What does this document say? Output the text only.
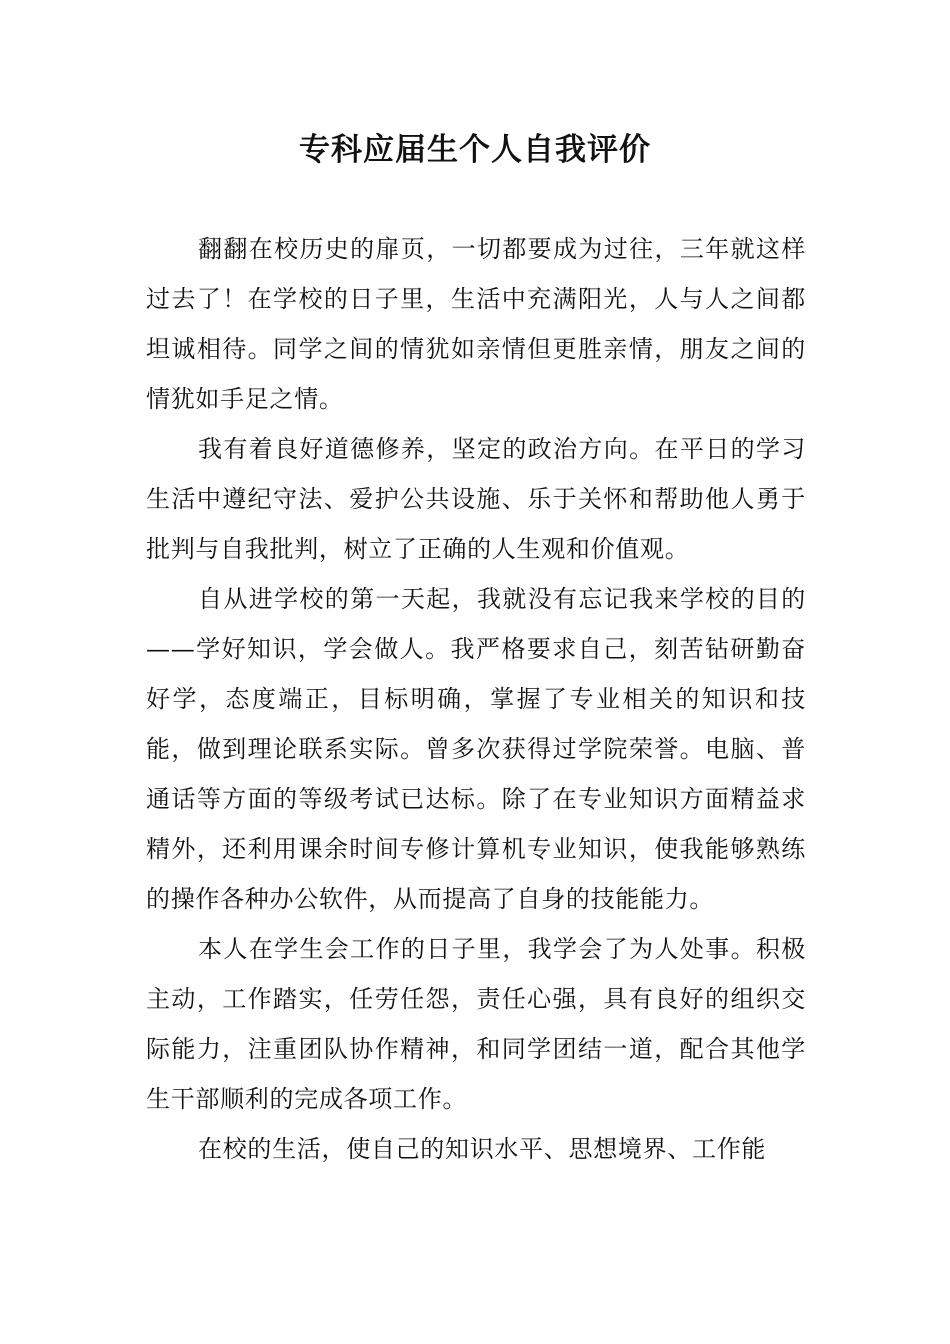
专科应届生个人自我评价

翻翻在校历史的扉页，一切都要成为过往，三年就这样过去了！在学校的日子里，生活中充满阳光，人与人之间都坦诚相待。同学之间的情犹如亲情但更胜亲情，朋友之间的情犹如手足之情。

我有着良好道德修养，坚定的政治方向。在平日的学习生活中遵纪守法、爱护公共设施、乐于关怀和帮助他人勇于批判与自我批判，树立了正确的人生观和价值观。

自从进学校的第一天起，我就没有忘记我来学校的目的——学好知识，学会做人。我严格要求自己，刻苦钻研勤奋好学，态度端正，目标明确，掌握了专业相关的知识和技能，做到理论联系实际。曾多次获得过学院荣誉。电脑、普通话等方面的等级考试已达标。除了在专业知识方面精益求精外，还利用课余时间专修计算机专业知识，使我能够熟练的操作各种办公软件，从而提高了自身的技能能力。

本人在学生会工作的日子里，我学会了为人处事。积极主动，工作踏实，任劳任怨，责任心强，具有良好的组织交际能力，注重团队协作精神，和同学团结一道，配合其他学生干部顺利的完成各项工作。

在校的生活，使自己的知识水平、思想境界、工作能
